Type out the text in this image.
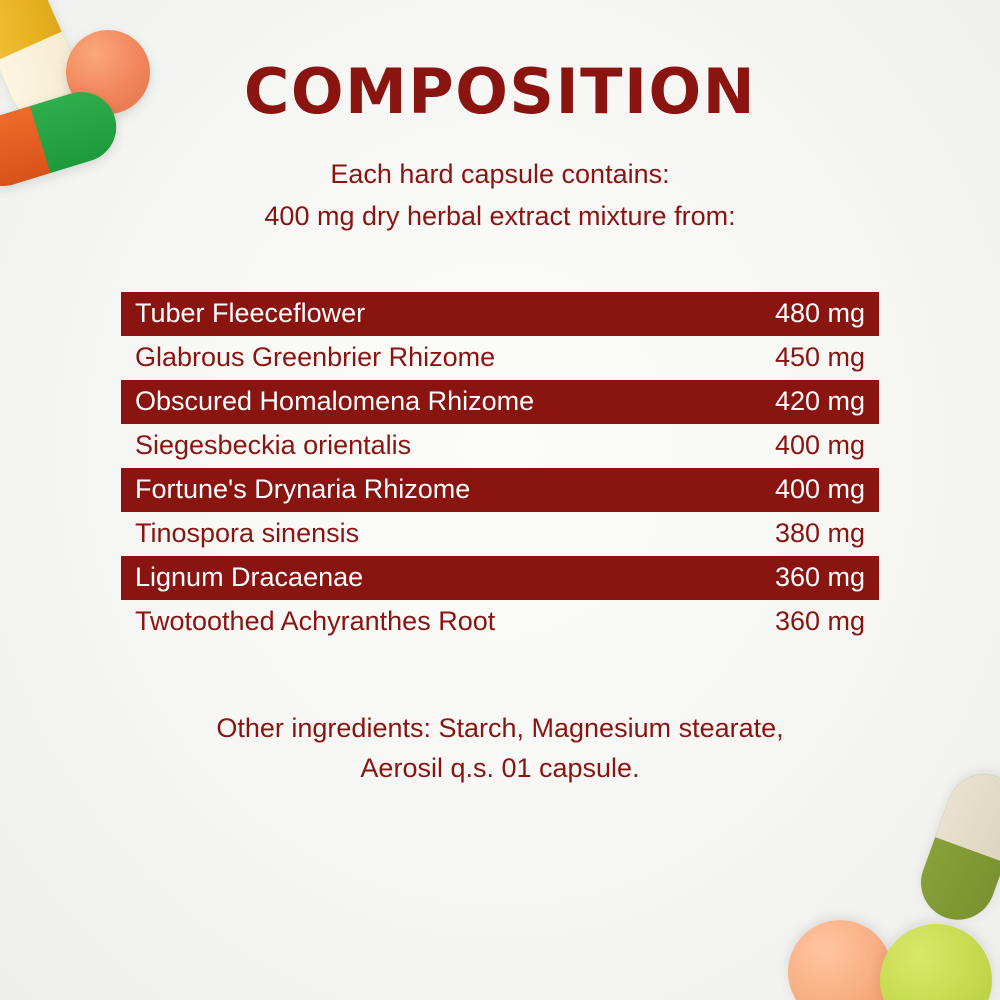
COMPOSITION
Each hard capsule contains:
400 mg dry herbal extract mixture from:
Tuber Fleeceflower	480 mg
Glabrous Greenbrier Rhizome	450 mg
Obscured Homalomena Rhizome	420 mg
Siegesbeckia orientalis	400 mg
Fortune's Drynaria Rhizome	400 mg
Tinospora sinensis	380 mg
Lignum Dracaenae	360 mg
Twotoothed Achyranthes Root	360 mg
Other ingredients: Starch, Magnesium stearate,
Aerosil q.s. 01 capsule.
